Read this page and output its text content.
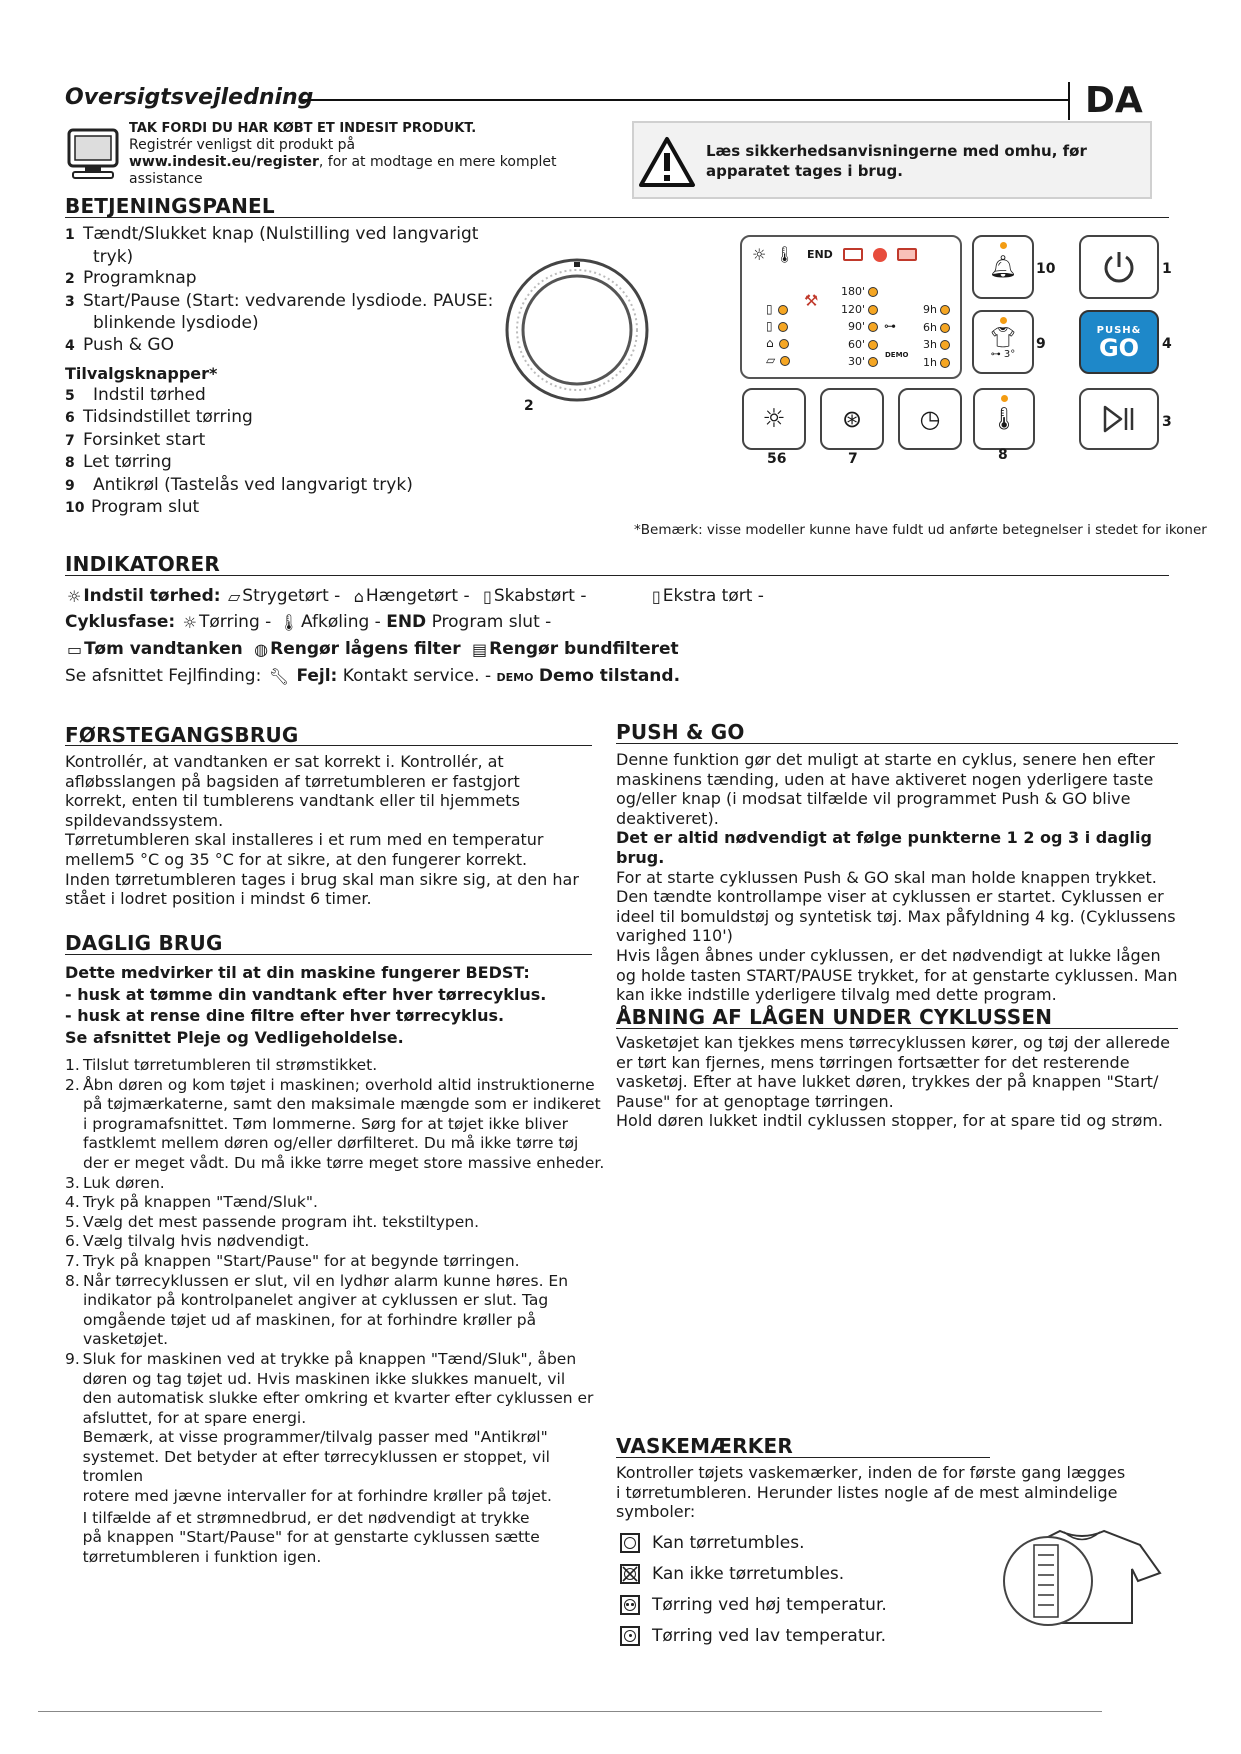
Oversigtsvejledning	DA
TAK FORDI DU HAR KØBT ET INDESIT PRODUKT.
Registrér venligst dit produkt på
www.indesit.eu/register, for at modtage en mere komplet
assistance
Læs sikkerhedsanvisningerne med omhu, før apparatet tages i brug.
BETJENINGSPANEL
1 Tændt/Slukket knap (Nulstilling ved langvarigt
tryk)
2 Programknap
3 Start/Pause (Start: vedvarende lysdiode. PAUSE:
blinkende lysdiode)
4 Push & GO
Tilvalgsknapper*
5 Indstil tørhed
6 Tidsindstillet tørring
7 Forsinket start
8 Let tørring
9 Antikrøl (Tastelås ved langvarigt tryk)
10 Program slut
2
☼ 🌡 END
▯
▯
⌂
⏥
⚒	180'
120'
90'
60'
30'
⊶
DEMO
9h
6h
3h
1h
🔔︎ 10	1
👕︎
⊶ 3°
9
PUSH&
GO 4
☼
56
⊛
7
◷ 🌡
8
3
*Bemærk: visse modeller kunne have fuldt ud anførte betegnelser i stedet for ikoner
INDIKATORER
☼ Indstil tørhed: ⏥ Strygetørt - ⌂ Hængetørt - ▯ Skabstørt -	▯ Ekstra tørt -
Cyklusfase: ☼ Tørring - 🌡 Afkøling - END Program slut -
▭ Tøm vandtanken ◍ Rengør lågens filter ▤ Rengør bundfilteret
Se afsnittet Fejlfinding: 🔧︎ Fejl: Kontakt service. - DEMO Demo tilstand.
FØRSTEGANGSBRUG
Kontrollér, at vandtanken er sat korrekt i. Kontrollér, at
afløbsslangen på bagsiden af tørretumbleren er fastgjort
korrekt, enten til tumblerens vandtank eller til hjemmets
spildevandssystem.
Tørretumbleren skal installeres i et rum med en temperatur
mellem5 °C og 35 °C for at sikre, at den fungerer korrekt.
Inden tørretumbleren tages i brug skal man sikre sig, at den har
stået i lodret position i mindst 6 timer.
DAGLIG BRUG
Dette medvirker til at din maskine fungerer BEDST:
- husk at tømme din vandtank efter hver tørrecyklus.
- husk at rense dine filtre efter hver tørrecyklus.
Se afsnittet Pleje og Vedligeholdelse.
1. Tilslut tørretumbleren til strømstikket.
2. Åbn døren og kom tøjet i maskinen; overhold altid instruktionerne
på tøjmærkaterne, samt den maksimale mængde som er indikeret
i programafsnittet. Tøm lommerne. Sørg for at tøjet ikke bliver
fastklemt mellem døren og/eller dørfilteret. Du må ikke tørre tøj
der er meget vådt. Du må ikke tørre meget store massive enheder.
3. Luk døren.
4. Tryk på knappen "Tænd/Sluk".
5. Vælg det mest passende program iht. tekstiltypen.
6. Vælg tilvalg hvis nødvendigt.
7. Tryk på knappen "Start/Pause" for at begynde tørringen.
8. Når tørrecyklussen er slut, vil en lydhør alarm kunne høres. En
indikator på kontrolpanelet angiver at cyklussen er slut. Tag
omgående tøjet ud af maskinen, for at forhindre krøller på
vasketøjet.
9. Sluk for maskinen ved at trykke på knappen "Tænd/Sluk", åben
døren og tag tøjet ud. Hvis maskinen ikke slukkes manuelt, vil
den automatisk slukke efter omkring et kvarter efter cyklussen er
afsluttet, for at spare energi.
Bemærk, at visse programmer/tilvalg passer med "Antikrøl"
systemet. Det betyder at efter tørrecyklussen er stoppet, vil tromlen
rotere med jævne intervaller for at forhindre krøller på tøjet.
I tilfælde af et strømnedbrud, er det nødvendigt at trykke
på knappen "Start/Pause" for at genstarte cyklussen sætte
tørretumbleren i funktion igen.
PUSH & GO
Denne funktion gør det muligt at starte en cyklus, senere hen efter
maskinens tænding, uden at have aktiveret nogen yderligere taste
og/eller knap (i modsat tilfælde vil programmet Push & GO blive
deaktiveret).
Det er altid nødvendigt at følge punkterne 1 2 og 3 i daglig brug.
For at starte cyklussen Push & GO skal man holde knappen trykket.
Den tændte kontrollampe viser at cyklussen er startet. Cyklussen er
ideel til bomuldstøj og syntetisk tøj. Max påfyldning 4 kg. (Cyklussens
varighed 110')
Hvis lågen åbnes under cyklussen, er det nødvendigt at lukke lågen
og holde tasten START/PAUSE trykket, for at genstarte cyklussen. Man
kan ikke indstille yderligere tilvalg med dette program.
ÅBNING AF LÅGEN UNDER CYKLUSSEN
Vasketøjet kan tjekkes mens tørrecyklussen kører, og tøj der allerede
er tørt kan fjernes, mens tørringen fortsætter for det resterende
vasketøj. Efter at have lukket døren, trykkes der på knappen "Start/
Pause" for at genoptage tørringen.
Hold døren lukket indtil cyklussen stopper, for at spare tid og strøm.
VASKEMÆRKER
Kontroller tøjets vaskemærker, inden de for første gang lægges
i tørretumbleren. Herunder listes nogle af de mest almindelige
symboler:
Kan tørretumbles.
Kan ikke tørretumbles.
Tørring ved høj temperatur.
Tørring ved lav temperatur.
